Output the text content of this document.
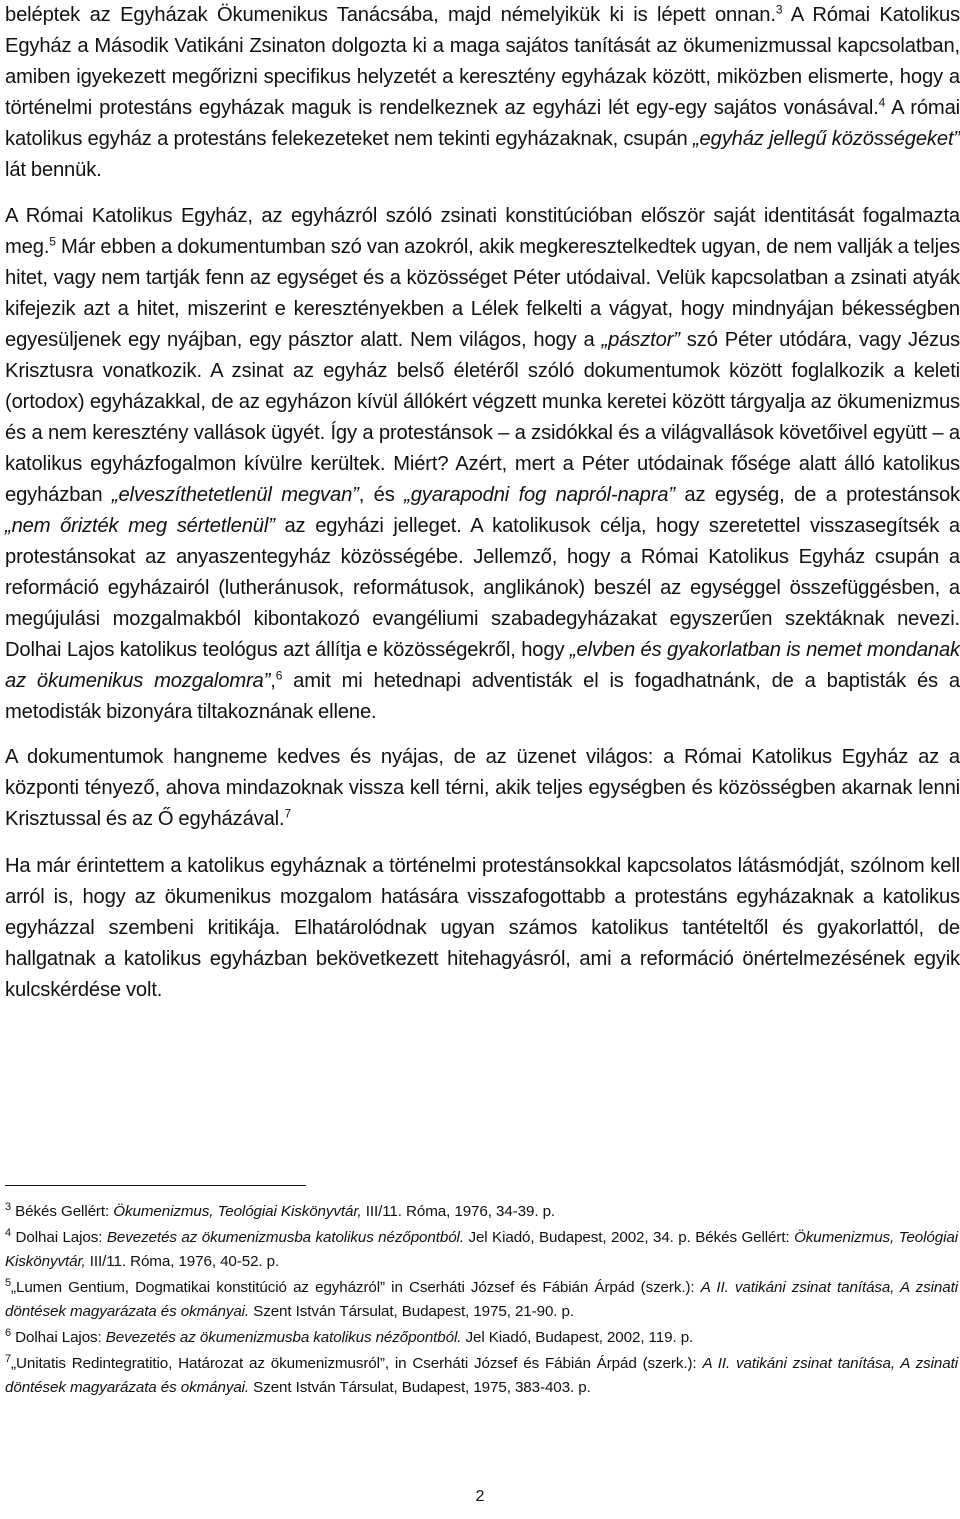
beléptek az Egyházak Ökumenikus Tanácsába, majd némelyikük ki is lépett onnan.$^3$ A Római Katolikus Egyház a Második Vatikáni Zsinaton dolgozta ki a maga sajátos tanítását az ökumenizmussal kapcsolatban, amiben igyekezett megőrizni specifikus helyzetét a keresztény egyházak között, miközben elismerte, hogy a történelmi protestáns egyházak maguk is rendelkeznek az egyházi lét egy-egy sajátos vonásával.$^4$ A római katolikus egyház a protestáns felekezeteket nem tekinti egyházaknak, csupán „egyház jellegű közösségeket” lát bennük.

A Római Katolikus Egyház, az egyházról szóló zsinati konstitúcióban először saját identitását fogalmazta meg.$^5$ Már ebben a dokumentumban szó van azokról, akik megkeresztelkedtek ugyan, de nem vallják a teljes hitet, vagy nem tartják fenn az egységet és a közösséget Péter utódaival. Velük kapcsolatban a zsinati atyák kifejezik azt a hitet, miszerint e keresztényekben a Lélek felkelti a vágyat, hogy mindnyájan békességben egyesüljenek egy nyájban, egy pásztor alatt. Nem világos, hogy a „pásztor” szó Péter utódára, vagy Jézus Krisztusra vonatkozik. A zsinat az egyház belső életéről szóló dokumentumok között foglalkozik a keleti (ortodox) egyházakkal, de az egyházon kívül állókért végzett munka keretei között tárgyalja az ökumenizmus és a nem keresztény vallások ügyét. Így a protestánsok – a zsidókkal és a világvallások követőivel együtt – a katolikus egyházfogalmon kívülre kerültek. Miért? Azért, mert a Péter utódainak fősége alatt álló katolikus egyházban „elveszíthetetlenül megvan”, és „gyarapodni fog napról-napra” az egység, de a protestánsok „nem őrizték meg sértetlenül” az egyházi jelleget. A katolikusok célja, hogy szeretettel visszasegítsék a protestánsokat az anyaszentegyház közösségébe. Jellemző, hogy a Római Katolikus Egyház csupán a reformáció egyházairól (lutheránusok, reformátusok, anglikánok) beszél az egységgel összefüggésben, a megújulási mozgalmakból kibontakozó evangéliumi szabadegyházakat egyszerűen szektáknak nevezi. Dolhai Lajos katolikus teológus azt állítja e közösségekről, hogy „elvben és gyakorlatban is nemet mondanak az ökumenikus mozgalomra”,$^6$ amit mi hetednapi adventisták el is fogadhatnánk, de a baptisták és a metodisták bizonyára tiltakoznának ellene.

A dokumentumok hangneme kedves és nyájas, de az üzenet világos: a Római Katolikus Egyház az a központi tényező, ahova mindazoknak vissza kell térni, akik teljes egységben és közösségben akarnak lenni Krisztussal és az Ő egyházával.$^7$

Ha már érintettem a katolikus egyháznak a történelmi protestánsokkal kapcsolatos látásmódját, szólnom kell arról is, hogy az ökumenikus mozgalom hatására visszafogottabb a protestáns egyházaknak a katolikus egyházzal szembeni kritikája. Elhatárolódnak ugyan számos katolikus tantételtől és gyakorlattól, de hallgatnak a katolikus egyházban bekövetkezett hitehagyásról, ami a reformáció önértelmezésének egyik kulcskérdése volt.

$^3$ Békés Gellért: Ökumenizmus, Teológiai Kiskönyvtár, III/11. Róma, 1976, 34-39. p.

$^4$ Dolhai Lajos: Bevezetés az ökumenizmusba katolikus nézőpontból. Jel Kiadó, Budapest, 2002, 34. p. Békés Gellért: Ökumenizmus, Teológiai Kiskönyvtár, III/11. Róma, 1976, 40-52. p.

$^5$„Lumen Gentium, Dogmatikai konstitúció az egyházról” in Cserháti József és Fábián Árpád (szerk.): A II. vatikáni zsinat tanítása, A zsinati döntések magyarázata és okmányai. Szent István Társulat, Budapest, 1975, 21-90. p.

$^6$ Dolhai Lajos: Bevezetés az ökumenizmusba katolikus nézőpontból. Jel Kiadó, Budapest, 2002, 119. p.

$^7$„Unitatis Redintegratitio, Határozat az ökumenizmusról”, in Cserháti József és Fábián Árpád (szerk.): A II. vatikáni zsinat tanítása, A zsinati döntések magyarázata és okmányai. Szent István Társulat, Budapest, 1975, 383-403. p.

2
